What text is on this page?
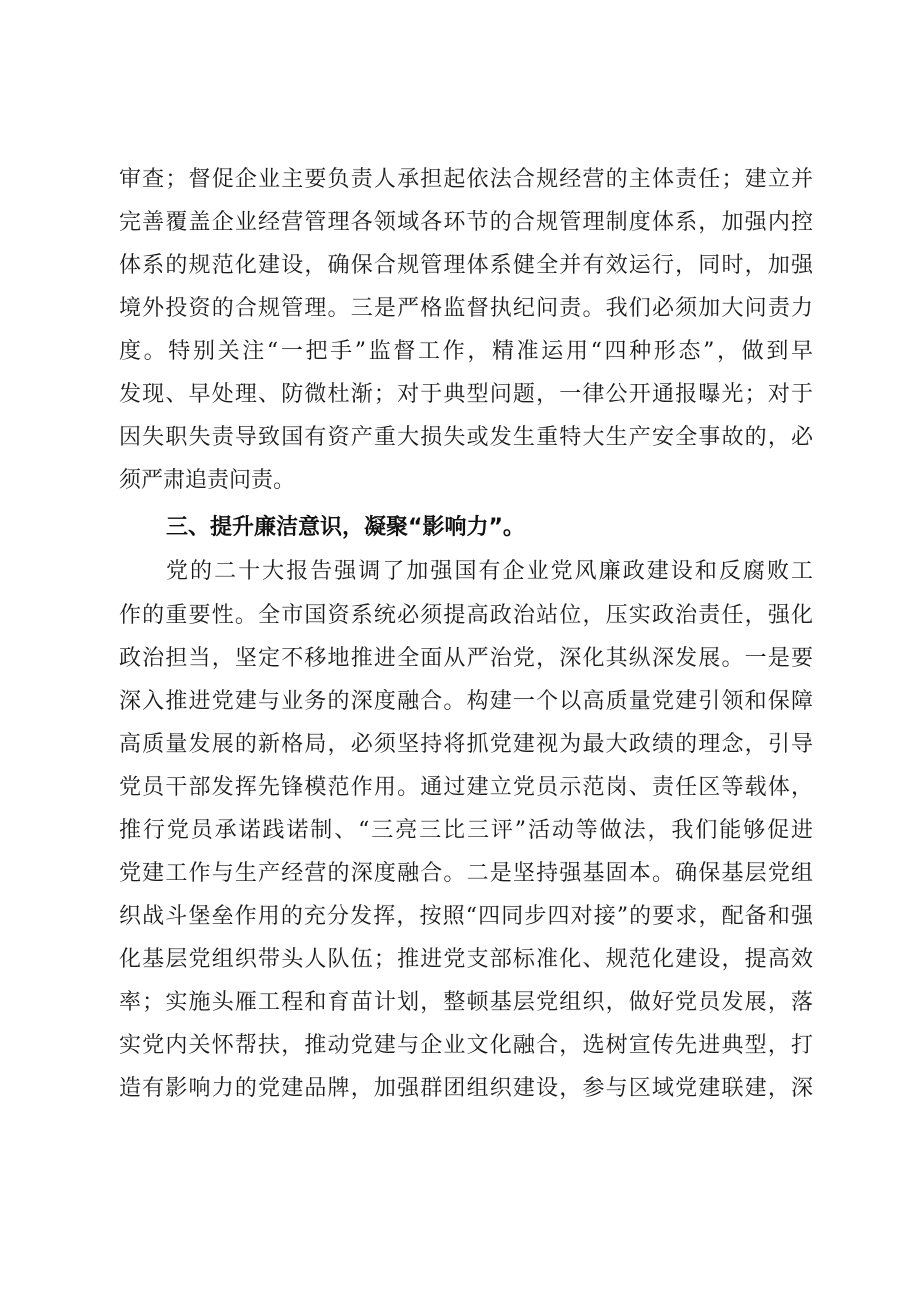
审查；督促企业主要负责人承担起依法合规经营的主体责任；建立并
完善覆盖企业经营管理各领域各环节的合规管理制度体系，加强内控
体系的规范化建设，确保合规管理体系健全并有效运行，同时，加强
境外投资的合规管理。三是严格监督执纪问责。我们必须加大问责力
度。特别关注“一把手”监督工作，精准运用“四种形态”，做到早
发现、早处理、防微杜渐；对于典型问题，一律公开通报曝光；对于
因失职失责导致国有资产重大损失或发生重特大生产安全事故的，必
须严肃追责问责。
三、提升廉洁意识，凝聚“影响力”。
党的二十大报告强调了加强国有企业党风廉政建设和反腐败工
作的重要性。全市国资系统必须提高政治站位，压实政治责任，强化
政治担当，坚定不移地推进全面从严治党，深化其纵深发展。一是要
深入推进党建与业务的深度融合。构建一个以高质量党建引领和保障
高质量发展的新格局，必须坚持将抓党建视为最大政绩的理念，引导
党员干部发挥先锋模范作用。通过建立党员示范岗、责任区等载体，
推行党员承诺践诺制、“三亮三比三评”活动等做法，我们能够促进
党建工作与生产经营的深度融合。二是坚持强基固本。确保基层党组
织战斗堡垒作用的充分发挥，按照“四同步四对接”的要求，配备和强
化基层党组织带头人队伍；推进党支部标准化、规范化建设，提高效
率；实施头雁工程和育苗计划，整顿基层党组织，做好党员发展，落
实党内关怀帮扶，推动党建与企业文化融合，选树宣传先进典型，打
造有影响力的党建品牌，加强群团组织建设，参与区域党建联建，深
